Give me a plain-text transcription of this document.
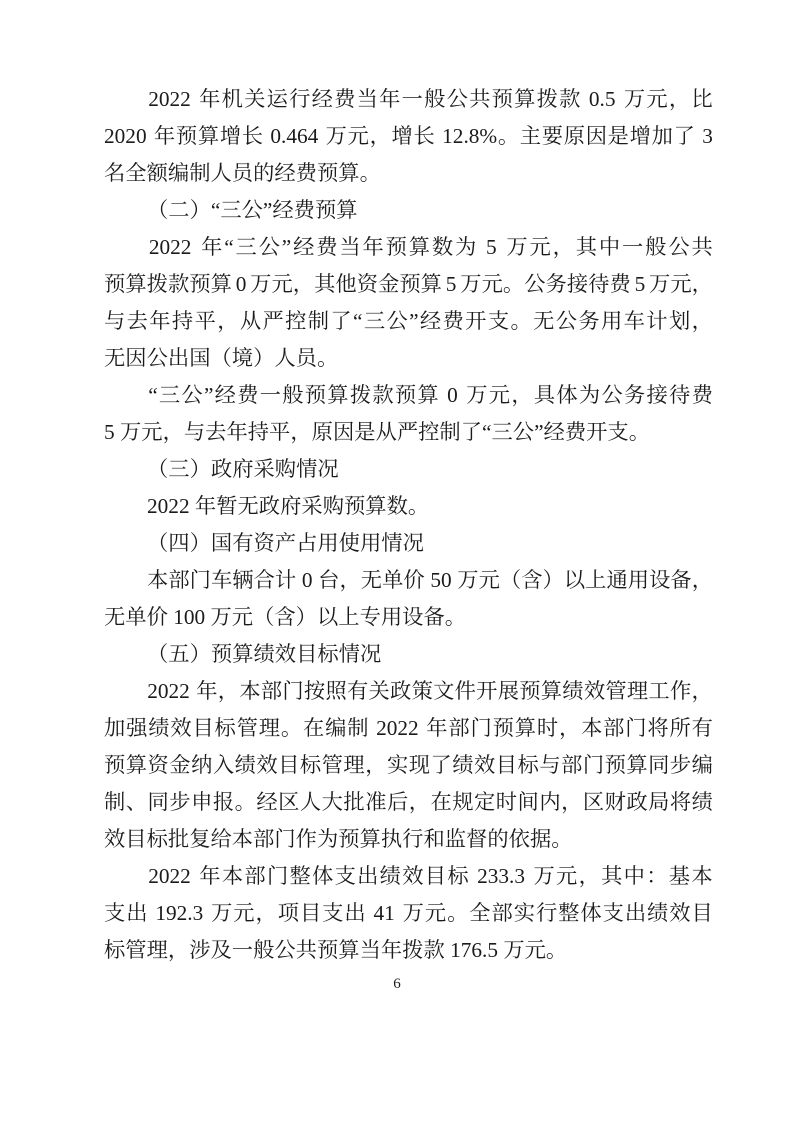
2022 年 机 关 运 行 经 费 当 年 一 般 公 共 预 算 拨 款 0.5 万 元 ， 比
2020 年 预 算 增 长 0.464 万 元 ， 增 长 12.8% 。 主 要 原 因 是 增 加 了 3
名全额编制人员的经费预算。
（二）“三公”经费预算
2022 年 “ 三 公 ” 经 费 当 年 预 算 数 为 5 万 元 ， 其 中 一 般 公 共
预 算 拨 款 预 算 0 万 元 ， 其 他 资 金 预 算 5 万 元 。 公 务 接 待 费 5 万 元 ，
与 去 年 持 平 ， 从 严 控 制 了 “ 三 公 ” 经 费 开 支 。 无 公 务 用 车 计 划 ，
无因公出国（境）人员。
“ 三 公 ” 经 费 一 般 预 算 拨 款 预 算 0 万 元 ， 具 体 为 公 务 接 待 费
5 万元，与去年持平，原因是从严控制了“三公”经费开支。
（三）政府采购情况
2022 年暂无政府采购预算数。
（四）国有资产占用使用情况
本 部 门 车 辆 合 计 0 台 ， 无 单 价 50 万 元 （ 含 ） 以 上 通 用 设 备 ，
无单价 100 万元（含）以上专用设备。
（五）预算绩效目标情况
2022 年 ， 本 部 门 按 照 有 关 政 策 文 件 开 展 预 算 绩 效 管 理 工 作 ，
加 强 绩 效 目 标 管 理 。 在 编 制 2022 年 部 门 预 算 时 ， 本 部 门 将 所 有
预 算 资 金 纳 入 绩 效 目 标 管 理 ， 实 现 了 绩 效 目 标 与 部 门 预 算 同 步 编
制 、 同 步 申 报 。 经 区 人 大 批 准 后 ， 在 规 定 时 间 内 ， 区 财 政 局 将 绩
效目标批复给本部门作为预算执行和监督的依据。
2022 年 本 部 门 整 体 支 出 绩 效 目 标 233.3 万 元 ， 其 中 ： 基 本
支 出 192.3 万 元 ， 项 目 支 出 41 万 元 。 全 部 实 行 整 体 支 出 绩 效 目
标管理，涉及一般公共预算当年拨款 176.5 万元。
6
